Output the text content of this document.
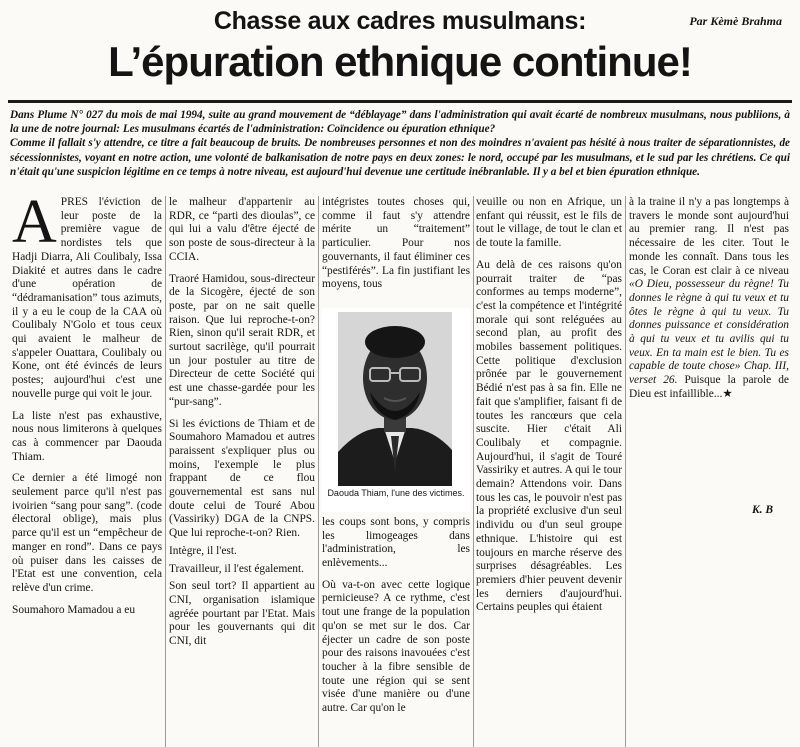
Chasse aux cadres musulmans:
L’épuration ethnique continue!
Par Kèmè Brahma

Dans Plume N° 027 du mois de mai 1994, suite au grand mouvement de “déblayage” dans l'administration qui avait écarté de nombreux musulmans, nous publiions, à la une de notre journal: Les musulmans écartés de l'administration: Coïncidence ou épuration ethnique?

Comme il fallait s'y attendre, ce titre a fait beaucoup de bruits. De nombreuses personnes et non des moindres n'avaient pas hésité à nous traiter de séparationnistes, de sécessionnistes, voyant en notre action, une volonté de balkanisation de notre pays en deux zones: le nord, occupé par les musulmans, et le sud par les chrétiens. Ce qui n'était qu'une suspicion légitime en ce temps à notre niveau, est aujourd'hui devenue une certitude inébranlable. Il y a bel et bien épuration ethnique.

A PRES l'éviction de leur poste de la première vague de nordistes tels que Hadji Diarra, Ali Coulibaly, Issa Diakité et autres dans le cadre d'une opération de “dédramanisation” tous azimuts, il y a eu le coup de la CAA où Coulibaly N'Golo et tous ceux qui avaient le malheur de s'appeler Ouattara, Coulibaly ou Kone, ont été évincés de leurs postes; aujourd'hui c'est une nouvelle purge qui voit le jour.

La liste n'est pas exhaustive, nous nous limiterons à quelques cas à commencer par Daouda Thiam.

Ce dernier a été limogé non seulement parce qu'il n'est pas ivoirien “sang pour sang”. (code électoral oblige), mais plus parce qu'il est un “empêcheur de manger en rond”. Dans ce pays où puiser dans les caisses de l'Etat est une convention, cela relève d'un crime.

Soumahoro Mamadou a eu

le malheur d'appartenir au RDR, ce “parti des dioulas”, ce qui lui a valu d'être éjecté de son poste de sous-directeur à la CCIA.

Traoré Hamidou, sous-directeur de la Sicogère, éjecté de son poste, par on ne sait quelle raison. Que lui reproche-t-on? Rien, sinon qu'il serait RDR, et surtout sacrilège, qu'il pourrait un jour postuler au titre de Directeur de cette Société qui est une chasse-gardée pour les “pur-sang”.

Si les évictions de Thiam et de Soumahoro Mamadou et autres paraissent s'expliquer plus ou moins, l'exemple le plus frappant de ce flou gouvernemental est sans nul doute celui de Touré Abou (Vassiriky) DGA de la CNPS. Que lui reproche-t-on? Rien.

Intègre, il l'est.

Travailleur, il l'est également.

Son seul tort? Il appartient au CNI, organisation islamique agréée pourtant par l'Etat. Mais pour les gouvernants qui dit CNI, dit

intégristes toutes choses qui, comme il faut s'y attendre mérite un “traitement” particulier. Pour nos gouvernants, il faut éliminer ces “pestiférés”. La fin justifiant les moyens, tous

les coups sont bons, y compris les limogeages dans l'administration, les enlèvements...

Où va-t-on avec cette logique pernicieuse? A ce rythme, c'est tout une frange de la population qu'on se met sur le dos. Car éjecter un cadre de son poste pour des raisons inavouées c'est toucher à la fibre sensible de toute une région qui se sent visée d'une manière ou d'une autre. Car qu'on le

Daouda Thiam, l'une des victimes.

veuille ou non en Afrique, un enfant qui réussit, est le fils de tout le village, de tout le clan et de toute la famille.

Au delà de ces raisons qu'on pourrait traiter de “pas conformes au temps moderne”, c'est la compétence et l'intégrité morale qui sont reléguées au second plan, au profit des mobiles bassement politiques. Cette politique d'exclusion prônée par le gouvernement Bédié n'est pas à sa fin. Elle ne fait que s'amplifier, faisant fi de toutes les rancœurs que cela suscite. Hier c'était Ali Coulibaly et compagnie. Aujourd'hui, il s'agit de Touré Vassiriky et autres. A qui le tour demain? Attendons voir. Dans tous les cas, le pouvoir n'est pas la propriété exclusive d'un seul individu ou d'un seul groupe ethnique. L'histoire qui est toujours en marche réserve des surprises désagréables. Les premiers d'hier peuvent devenir les derniers d'aujourd'hui. Certains peuples qui étaient

à la traine il n'y a pas longtemps à travers le monde sont aujourd'hui au premier rang. Il n'est pas nécessaire de les citer. Tout le monde les connaît. Dans tous les cas, le Coran est clair à ce niveau «O Dieu, possesseur du règne! Tu donnes le règne à qui tu veux et tu ôtes le règne à qui tu veux. Tu donnes puissance et considération à qui tu veux et tu avilis qui tu veux. En ta main est le bien. Tu es capable de toute chose» Chap. III, verset 26. Puisque la parole de Dieu est infaillible...★

K. B
